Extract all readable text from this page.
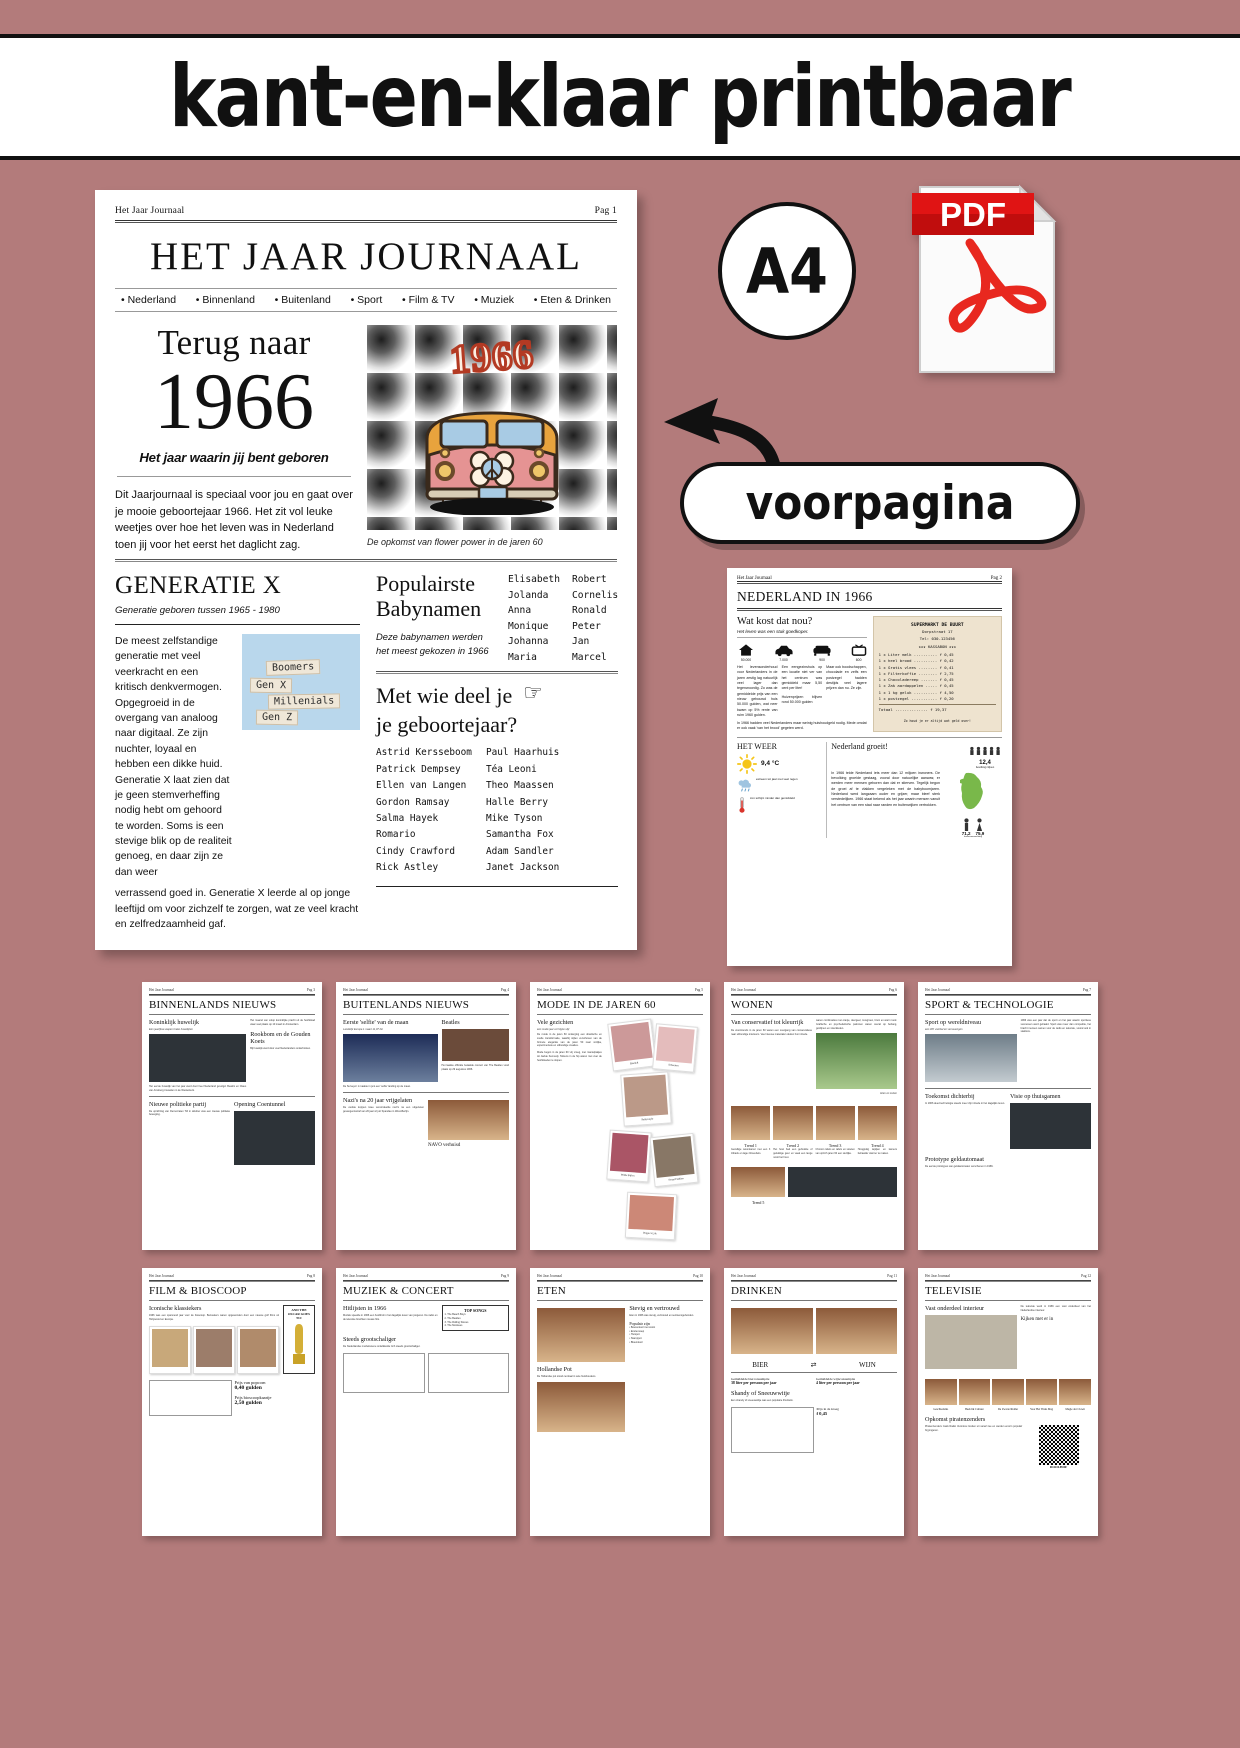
kant-en-klaar printbaar
Het Jaar Journaal	Pag 1
HET JAAR JOURNAAL
• Nederland	• Binnenland	• Buitenland	• Sport	• Film & TV	• Muziek	• Eten & Drinken
Terug naar
1966
Het jaar waarin jij bent geboren
Dit Jaarjournaal is speciaal voor jou en gaat over je mooie geboortejaar 1966. Het zit vol leuke weetjes over hoe het leven was in Nederland toen jij voor het eerst het daglicht zag.
1966
De opkomst van flower power in de jaren 60
GENERATIE X
Generatie geboren tussen 1965 - 1980
De meest zelfstandige generatie met veel veerkracht en een kritisch denkvermogen. Opgegroeid in de overgang van analoog naar digitaal. Ze zijn nuchter, loyaal en hebben een dikke huid. Generatie X laat zien dat je geen stemverheffing nodig hebt om gehoord te worden. Soms is een stevige blik op de realiteit genoeg, en daar zijn ze dan weer
Boomers
Gen X
Millenials
Gen Z
verrassend goed in. Generatie X leerde al op jonge leeftijd om voor zichzelf te zorgen, wat ze veel kracht en zelfredzaamheid gaf.
Populairste
Babynamen
Deze babynamen werden het meest gekozen in 1966
Elisabeth
Jolanda
Anna
Monique
Johanna
Maria
Robert
Cornelis
Ronald
Peter
Jan
Marcel
Met wie deel je
je geboortejaar?
☞
Astrid Kersseboom
Patrick Dempsey
Ellen van Langen
Gordon Ramsay
Salma Hayek
Romario
Cindy Crawford
Rick Astley
Paul Haarhuis
Téa Leoni
Theo Maassen
Halle Berry
Mike Tyson
Samantha Fox
Adam Sandler
Janet Jackson
A4
PDF
voorpagina
Het Jaar Journaal	Pag 2
NEDERLAND IN 1966
Wat kost dat nou?
Het leven was een stuk goedkoper.
50.000	7.000	900	600
Het levensonderhoud voor Nederlanders in de jaren zestig lag natuurlijk veel lager dan tegenwoordig. Zo was de gemiddelde prijs van een nieuw gebouwd huis 50.000 gulden, wat neer kwam op 5% rente van ruim 1960 gulden.
Een eengezinshuis op een locatie niet ver van het centrum was gemiddeld maar 5,50 cent per liter!
Huizenprijzen blijven rond 50.000 gulden
Maar ook boodschappen, chocolade en zelfs een postzegel hadden destijds veel lagere prijzen dan nu. Ze zijn.
In 1966 hadden veel Nederlanders maar weinig huishoudgeld nodig. Mede omdat er ook vaak 'van het brood' gegeten werd.
SUPERMARKT DE BUURT
Dorpstraat 17
Tel: 030-123456
★★★ KASSABON ★★★
1 x Liter melk .......... f 0,45
1 x heel brood .......... f 0,42
1 x Gratis vlees ........ f 0,41
1 x Filterkoffie ........ f 2,75
1 x Chocoladereep ....... f 0,45
1 x Zak aardappelen ..... f 0,45
1 x 1 kg geluk .......... f 4,50
1 x postzegel ........... f 0,20
Totaal .............. f 19,37
Zo houd je er altijd wat geld over!
HET WEER
9,4 °C
extreem tot jaar met veel regen
zon schijnt minder dan gemiddeld
Nederland groeit!
12,4
bevolking miljoen
In 1966 telde Nederland iets meer dan 12 miljoen inwoners. De bevolking groeide gestaag, vooral door natuurlijke aanwas; er werden meer mensen geboren dan dat er stierven. Tegelijk begon de groei af te vlakken vergeleken met de babyboomjaren. Nederland werd langzaam ouder en grijzer, maar bleef sterk verstedelijken. 1966 staat bekend als het jaar waarin mensen vanuit het centrum van een stad naar randen en buitenwijken vertrokken.
71,2 75,9
levensverwachting
Het Jaar Journaal	Pag 3
BINNENLANDS NIEUWS
Koninklijk huwelijk
Een jaarlijkse wapen brake huwelijken
Het eerste huwelijk van het jaar werd door heel Nederland gevolgd. Beatrix en Claus van Amsberg trouwden in de Westerkerk.
Het maand van volop koninklijke pracht uit de hoofdstad waar veel plaats op 10 maart in Amsterdam.
Rookbom en de Gouden Koets
Bij huwelijk werd door veel Nederlanders onderbroken.
Nieuwe politieke partij
De oprichting van Democraten '66 in oktober was een nieuwe politieke beweging.
Opening Coentunnel
Het Jaar Journaal	Pag 4
BUITENLANDS NIEUWS
Eerste 'selfie' van de maan
Landelijk Europa 1 maart 11,07 bin
De Surveyor 1 maakte in juni een 'selfie' landing op de maan.
Beatles
Het laatste officiële betaalde concert van The Beatles vond plaats op 29 augustus 1966.
Nazi's na 20 jaar vrijgelaten
De oudste koppen twee veroordeelde nazi's na een uitgezeten gevangenisstraf van 20 jaar vrij uit Spandau in West-Berlijn.
NAVO verhuisd
Het Jaar Journaal	Pag 5
MODE IN DE JAREN 60
Vele gezichten
een mode jaar vol hippe stijl
De mode in de jaren 60 onderging een drastische en snelle transformatie, waarbij stijlen verschoven van de formele elegantie van de jaren 50 naar vrolijke, experimentele en uitbundige creaties.
Mode begon in de jaren 60 vrij vroeg, met mantelpakjes tot Jackie Kennedy. Telkens in de hip waren met over de hoofdsteden te slopen.
Bruiloft
Schoenen
Peiler style
Wilde Stijlen
Sweet Fashion
Hippie's Life
Het Jaar Journaal	Pag 6
WONEN
Van conservatief tot kleurrijk
De woontrends in de jaren 60 waren een overgang van conservatieve naar uitbundige interieurs. Veel nieuwe materialen deden hun intrede.
waren combinaties met oranje, okergeel, mosgroen, bruin en warm rood. Grafische en psychedelische patronen waren overal op behang, gordijnen en vloerkleden.
Eten en koken
Trend 1
Gezellige woonkamer met een 3 zitbank en lage zitmeubels.
Trend 2
Het hout had een gebruikte of gelukkige geur en vaak een lange nooit het hout.
Trend 3
Chroom tafels en tafels en stoelen van opzich jaren 60 een sierlijke.
Trend 4
Hoogpolig tapijten en kamers behaalde 'warme' te maken.
Trend 5
Het Jaar Journaal	Pag 7
SPORT & TECHNOLOGIE
Sport op wereldniveau
een WK voetbal en verrassingen
1966 was een jaar dat de sport en het jaar waarin sportieve successen werd gehaald. Sport was meer dan competitie, het bracht mensen samen voor de radio en televisie, vooral ook in stadions.
Toekomst dichterbij
In 1966 deed technologie steeds meer zijn intrede in het dagelijks leven.
Visie op thuisgamen
Prototype geldautomaat
De eerste prototypes van geldautomaten verschenen in 1966.
Het Jaar Journaal	Pag 8
FILM & BIOSCOOP
Iconische klassiekers
1966 was een spannend jaar voor de bioscoop. Bezoekers waren opgewonden door een nieuwe golf films uit Hollywood en Europa.
AND THE OSCAR GOES TO:
Prijs van popcorn
0,40 gulden
Prijs bioscoopkaartje
2,50 gulden
Het Jaar Journaal	Pag 9
MUZIEK & CONCERT
Hitlijsten in 1966
Muziek speelde in 1966 een hoofdrol in het dagelijks leven van jongeren. De radio en de televisie brachten nieuwe hits.
TOP SONGS
1. The Beach Boys
2. The Beatles
3. The Rolling Stones
4. The Monkees
Steeds grootschaliger
De Nederlandse muziekscene ontwikkelde zich steeds grootschaliger.
Het Jaar Journaal	Pag 10
ETEN
Hollandse Pot
De Hollandse pot stond centraal in vele huishoudens.
Stevig en vertrouwd
Eten in 1966 was stevig, vertrouwd en seizoensgebonden.
Populair zijn
• Boerenkool met worst
• Erwtensoep
• Hutspot
• Stamppot
• Bloemkool
Het Jaar Journaal	Pag 11
DRINKEN
BIER	⇄	WIJN
Gemiddelde bierconsumptie
38 liter per persoon per jaar
Gemiddelde wijnconsumptie
4 liter per persoon per jaar
Shandy of Sneeuwwitje
Een shandy of sneeuwwitje was een populaire frisdrank.
Prijs in de kroeg
f 0,45
Het Jaar Journaal	Pag 12
TELEVISIE
Vast onderdeel interieur	De televisie werd in 1966 een vast onderdeel van het Nederlandse interieur.
Kijken met er in
Geschiedenis	Beeld & Cultuur	De Zwarte Ridder	Voor Het Thuis Mag	Magie der Clown
Opkomst piratenzenders
Piratenzenders zoals Radio Veronica zonden uit vanaf zee en werden enorm populair bij jongeren.
DOOLHOF
